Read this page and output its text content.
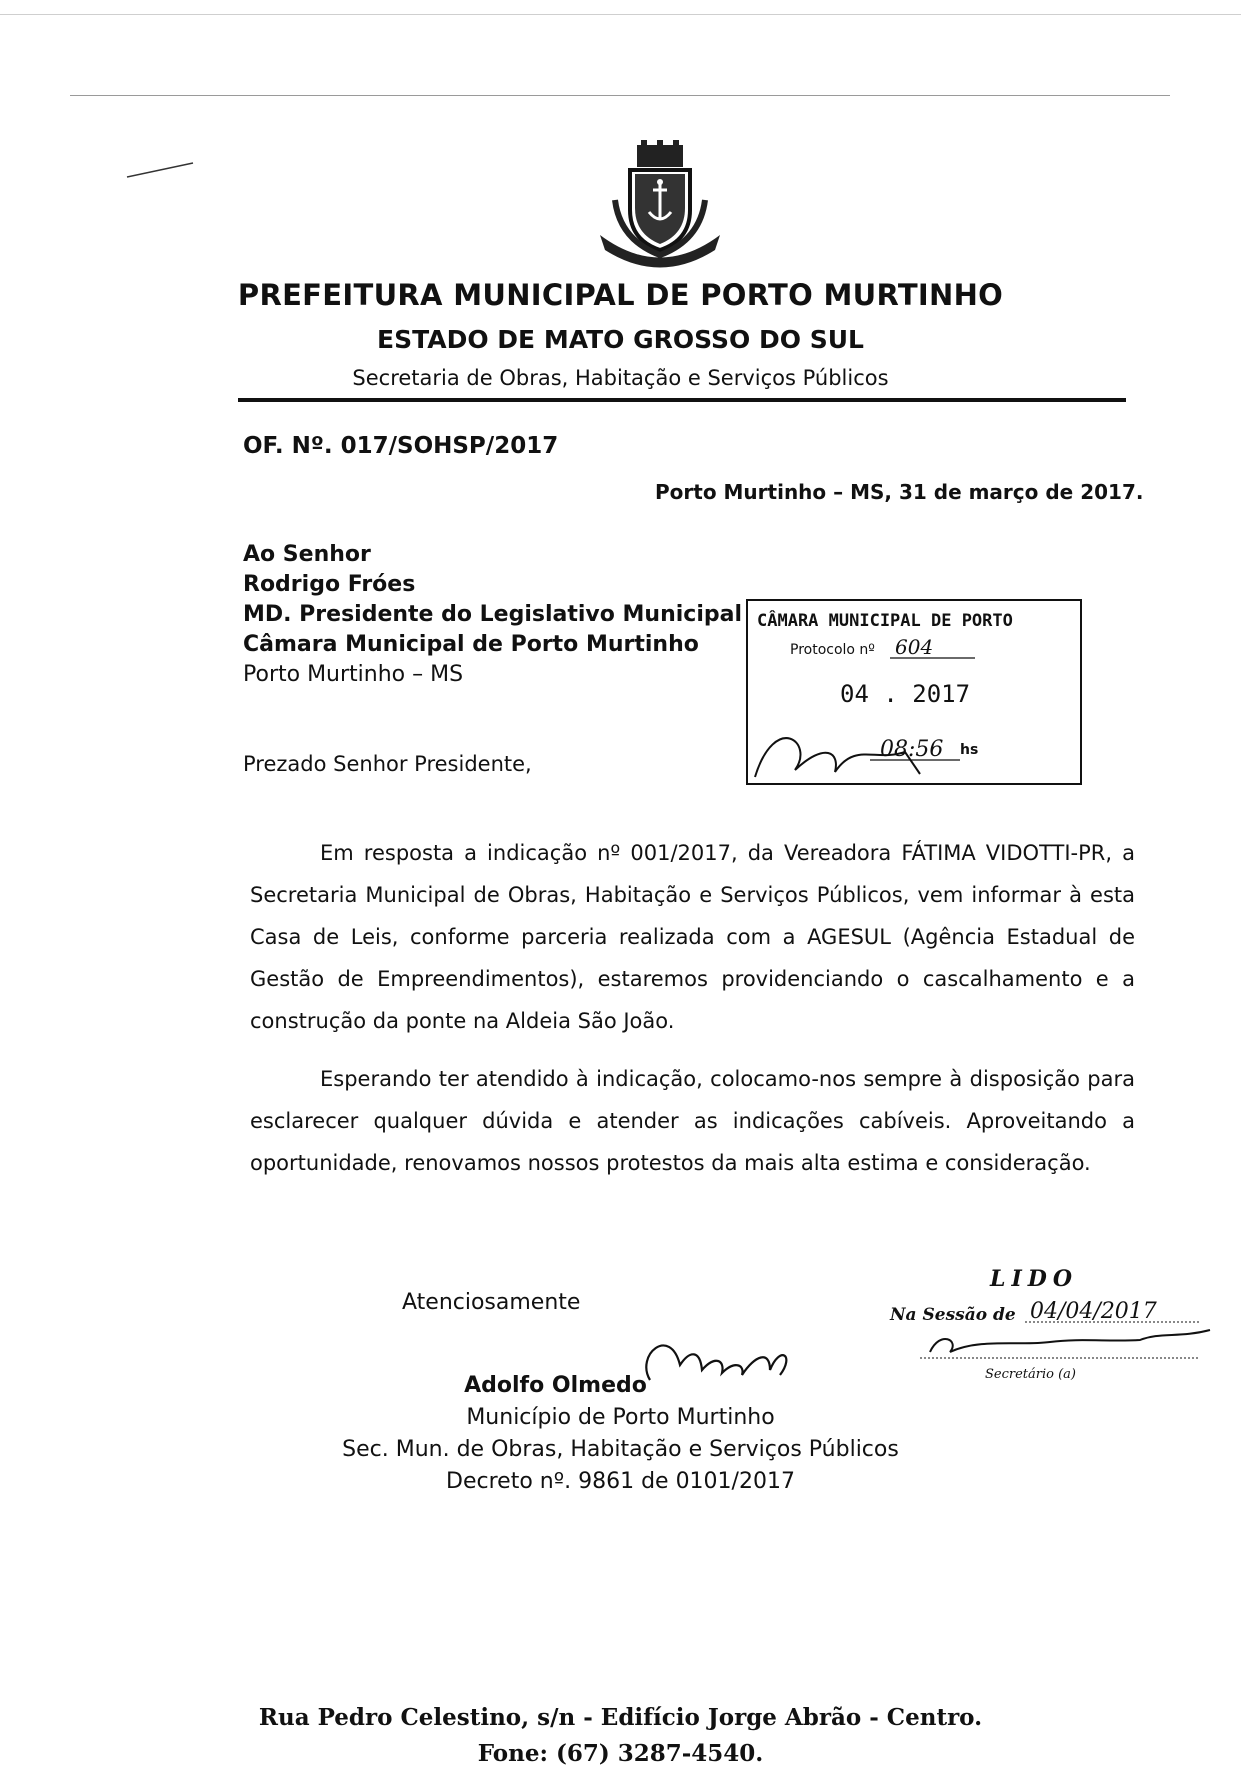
PREFEITURA MUNICIPAL DE PORTO MURTINHO
ESTADO DE MATO GROSSO DO SUL
Secretaria de Obras, Habitação e Serviços Públicos
OF. Nº. 017/SOHSP/2017
Porto Murtinho – MS, 31 de março de 2017.
Ao Senhor
Rodrigo Fróes
MD. Presidente do Legislativo Municipal
Câmara Municipal de Porto Murtinho
Porto Murtinho – MS
CÂMARA MUNICIPAL DE PORTO
Protocolo nº 604
04 . 2017
08:56 hs
Prezado Senhor Presidente,
Em resposta a indicação nº 001/2017, da Vereadora FÁTIMA VIDOTTI-PR, a Secretaria Municipal de Obras, Habitação e Serviços Públicos, vem informar à esta Casa de Leis, conforme parceria realizada com a AGESUL (Agência Estadual de Gestão de Empreendimentos), estaremos providenciando o cascalhamento e a construção da ponte na Aldeia São João.
Esperando ter atendido à indicação, colocamo-nos sempre à disposição para esclarecer qualquer dúvida e atender as indicações cabíveis. Aproveitando a oportunidade, renovamos nossos protestos da mais alta estima e consideração.
Atenciosamente
LIDO
Na Sessão de 04/04/2017
Secretário (a)
Adolfo Olmedo
Município de Porto Murtinho
Sec. Mun. de Obras, Habitação e Serviços Públicos
Decreto nº. 9861 de 0101/2017
Rua Pedro Celestino, s/n - Edifício Jorge Abrão - Centro.
Fone: (67) 3287-4540.
